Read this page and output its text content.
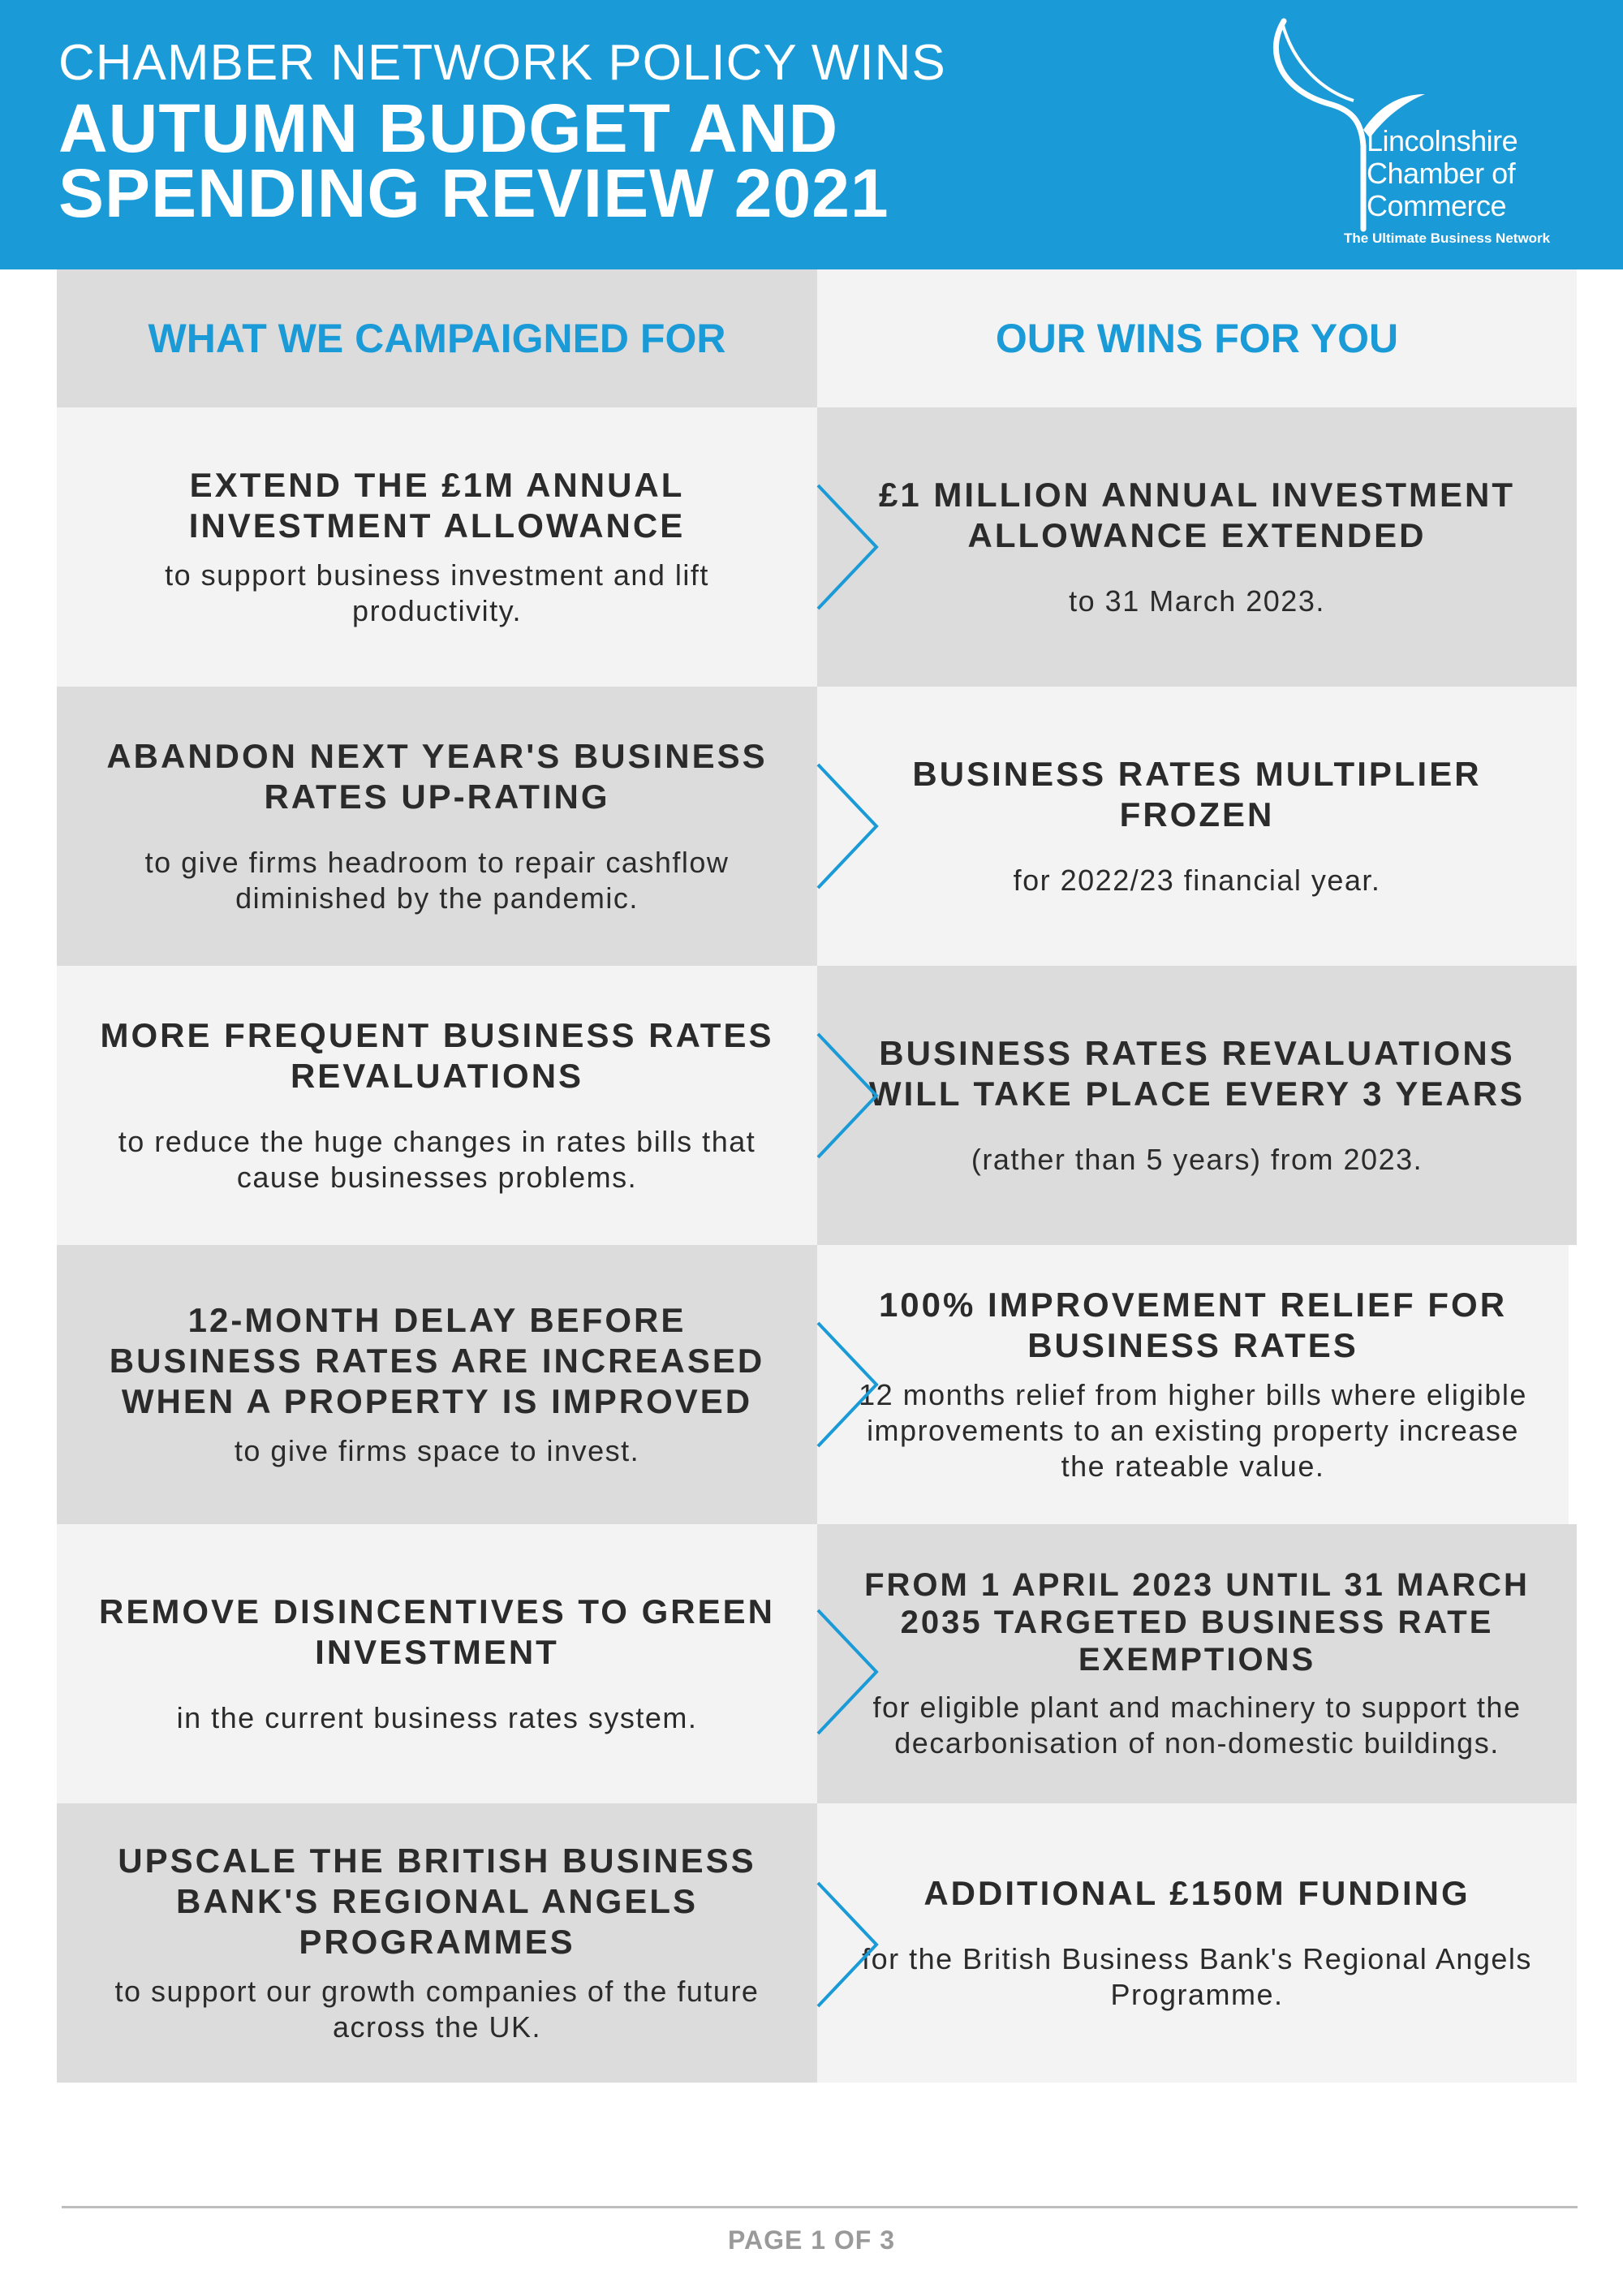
CHAMBER NETWORK POLICY WINS
AUTUMN BUDGET AND
SPENDING REVIEW 2021
Lincolnshire
Chamber of
Commerce
The Ultimate Business Network
WHAT WE CAMPAIGNED FOR	OUR WINS FOR YOU
EXTEND THE £1M ANNUAL INVESTMENT ALLOWANCE
to support business investment and lift productivity.
£1 MILLION ANNUAL INVESTMENT ALLOWANCE EXTENDED
to 31 March 2023.
ABANDON NEXT YEAR'S BUSINESS RATES UP-RATING
to give firms headroom to repair cashflow diminished by the pandemic.
BUSINESS RATES MULTIPLIER FROZEN
for 2022/23 financial year.
MORE FREQUENT BUSINESS RATES REVALUATIONS
to reduce the huge changes in rates bills that cause businesses problems.
BUSINESS RATES REVALUATIONS WILL TAKE PLACE EVERY 3 YEARS
(rather than 5 years) from 2023.
12-MONTH DELAY BEFORE BUSINESS RATES ARE INCREASED WHEN A PROPERTY IS IMPROVED
to give firms space to invest.
100% IMPROVEMENT RELIEF FOR BUSINESS RATES
12 months relief from higher bills where eligible improvements to an existing property increase the rateable value.
REMOVE DISINCENTIVES TO GREEN INVESTMENT
in the current business rates system.
FROM 1 APRIL 2023 UNTIL 31 MARCH 2035 TARGETED BUSINESS RATE EXEMPTIONS
for eligible plant and machinery to support the decarbonisation of non-domestic buildings.
UPSCALE THE BRITISH BUSINESS BANK'S REGIONAL ANGELS PROGRAMMES
to support our growth companies of the future across the UK.
ADDITIONAL £150M FUNDING
for the British Business Bank's Regional Angels Programme.
PAGE 1 OF 3
